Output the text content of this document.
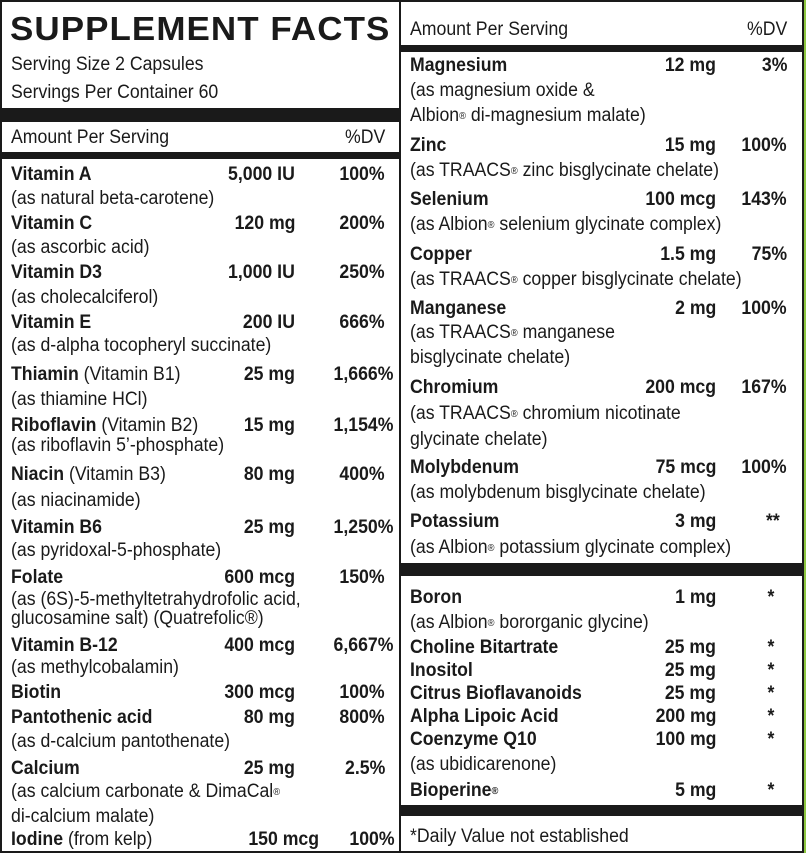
SUPPLEMENT FACTS
Serving Size 2 Capsules
Servings Per Container 60
Amount Per Serving	%DV
Vitamin A	5,000 IU 100%
(as natural beta-carotene)
Vitamin C	120 mg 200%
(as ascorbic acid)
Vitamin D3	1,000 IU 250%
(as cholecalciferol)
Vitamin E	200 IU 666%
(as d-alpha tocopheryl succinate)
Thiamin (Vitamin B1)	25 mg 1,666%
(as thiamine HCl)
Riboflavin (Vitamin B2) 15 mg 1,154%
(as riboflavin 5’-phosphate)
Niacin (Vitamin B3)	80 mg 400%
(as niacinamide)
Vitamin B6	25 mg 1,250%
(as pyridoxal-5-phosphate)
Folate	600 mcg 150%
(as (6S)-5-methyltetrahydrofolic acid,
glucosamine salt) (Quatrefolic®)
Vitamin B-12	400 mcg 6,667%
(as methylcobalamin)
Biotin	300 mcg 100%
Pantothenic acid	80 mg 800%
(as d-calcium pantothenate)
Calcium	25 mg	2.5%
(as calcium carbonate & DimaCal®
di-calcium malate)
Iodine (from kelp)	150 mcg 100%
Amount Per Serving	%DV
Magnesium	12 mg 3%
(as magnesium oxide &
Albion® di-magnesium malate)
Zinc	15 mg 100%
(as TRAACS® zinc bisglycinate chelate)
Selenium	100 mcg 143%
(as Albion® selenium glycinate complex)
Copper	1.5 mg 75%
(as TRAACS® copper bisglycinate chelate)
Manganese	2 mg 100%
(as TRAACS® manganese
bisglycinate chelate)
Chromium	200 mcg 167%
(as TRAACS® chromium nicotinate
glycinate chelate)
Molybdenum	75 mcg 100%
(as molybdenum bisglycinate chelate)
Potassium	3 mg	**
(as Albion® potassium glycinate complex)
Boron	1 mg	*
(as Albion® bororganic glycine)
Choline Bitartrate	25 mg	*
Inositol	25 mg	*
Citrus Bioflavanoids	25 mg	*
Alpha Lipoic Acid	200 mg	*
Coenzyme Q10	100 mg	*
(as ubidicarenone)
Bioperine®	5 mg	*
*Daily Value not established
